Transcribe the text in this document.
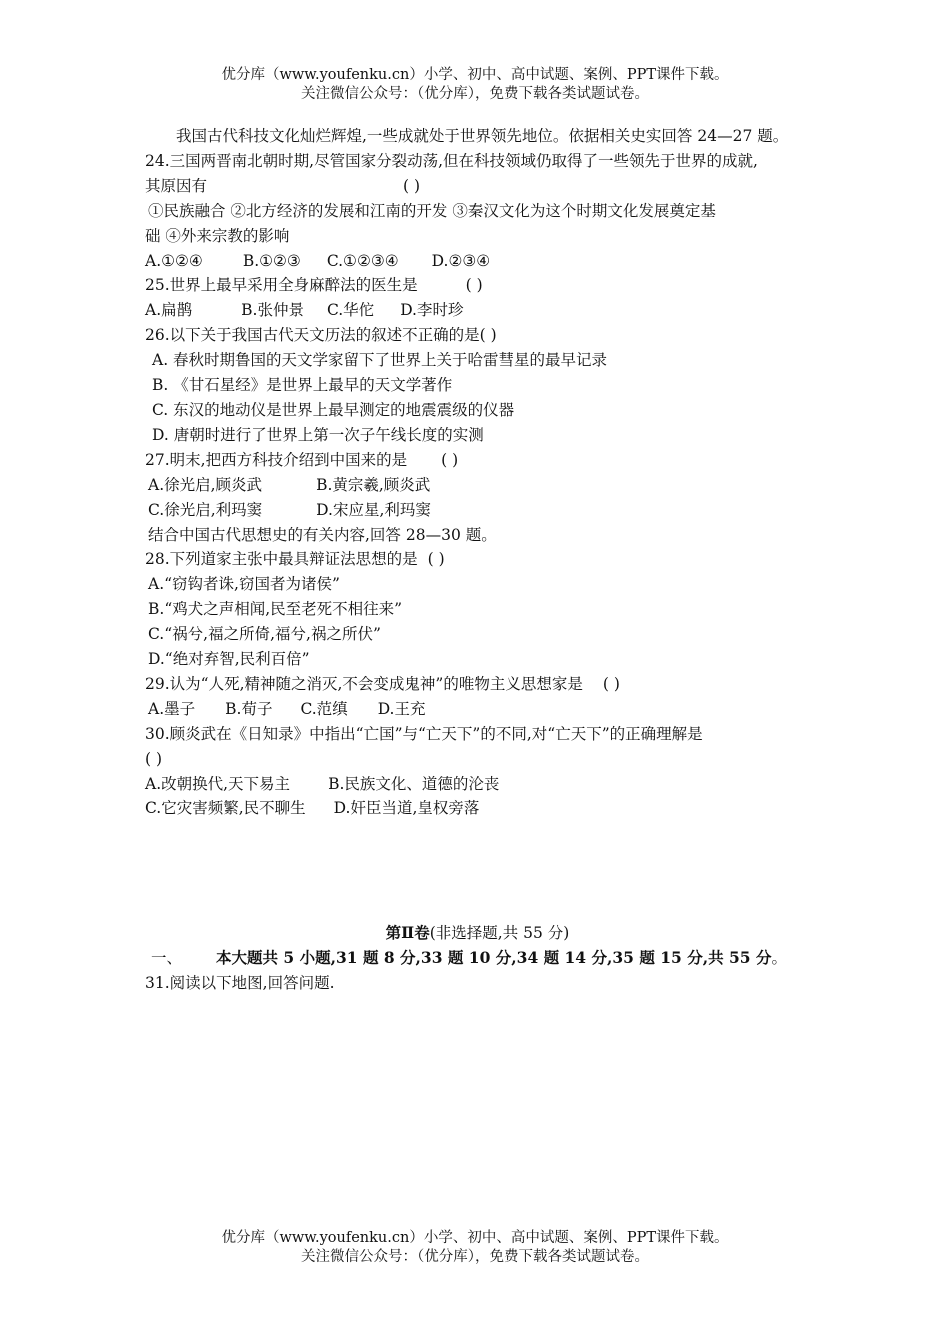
优分库（www.youfenku.cn）小学、初中、高中试题、案例、PPT课件下载。
关注微信公众号：（优分库），免费下载各类试题试卷。
我国古代科技文化灿烂辉煌,一些成就处于世界领先地位。依据相关史实回答 24—27 题。
24.三国两晋南北朝时期,尽管国家分裂动荡,但在科技领域仍取得了一些领先于世界的成就,
其原因有	( )
①民族融合 ②北方经济的发展和江南的开发 ③秦汉文化为这个时期文化发展奠定基
础 ④外来宗教的影响
A.①②④	B.①②③ C.①②③④ D.②③④
25.世界上最早采用全身麻醉法的医生是	( )
A.扁鹊	B.张仲景 C.华佗 D.李时珍
26.以下关于我国古代天文历法的叙述不正确的是( )
A. 春秋时期鲁国的天文学家留下了世界上关于哈雷彗星的最早记录
B. 《甘石星经》是世界上最早的天文学著作
C. 东汉的地动仪是世界上最早测定的地震震级的仪器
D. 唐朝时进行了世界上第一次子午线长度的实测
27.明末,把西方科技介绍到中国来的是 ( )
A.徐光启,顾炎武	B.黄宗羲,顾炎武
C.徐光启,利玛窦	D.宋应星,利玛窦
结合中国古代思想史的有关内容,回答 28—30 题。
28.下列道家主张中最具辩证法思想的是 ( )
A.“窃钩者诛,窃国者为诸侯”
B.“鸡犬之声相闻,民至老死不相往来”
C.“祸兮,福之所倚,福兮,祸之所伏”
D.“绝对弃智,民利百倍”
29.认为“人死,精神随之消灭,不会变成鬼神”的唯物主义思想家是 ( )
A.墨子 B.荀子 C.范缜 D.王充
30.顾炎武在《日知录》中指出“亡国”与“亡天下”的不同,对“亡天下”的正确理解是
( )
A.改朝换代,天下易主 B.民族文化、道德的沦丧
C.它灾害频繁,民不聊生 D.奸臣当道,皇权旁落
第Ⅱ卷(非选择题,共 55 分)
一、 本大题共 5 小题,31 题 8 分,33 题 10 分,34 题 14 分,35 题 15 分,共 55 分。
31.阅读以下地图,回答问题.
优分库（www.youfenku.cn）小学、初中、高中试题、案例、PPT课件下载。
关注微信公众号：（优分库），免费下载各类试题试卷。
